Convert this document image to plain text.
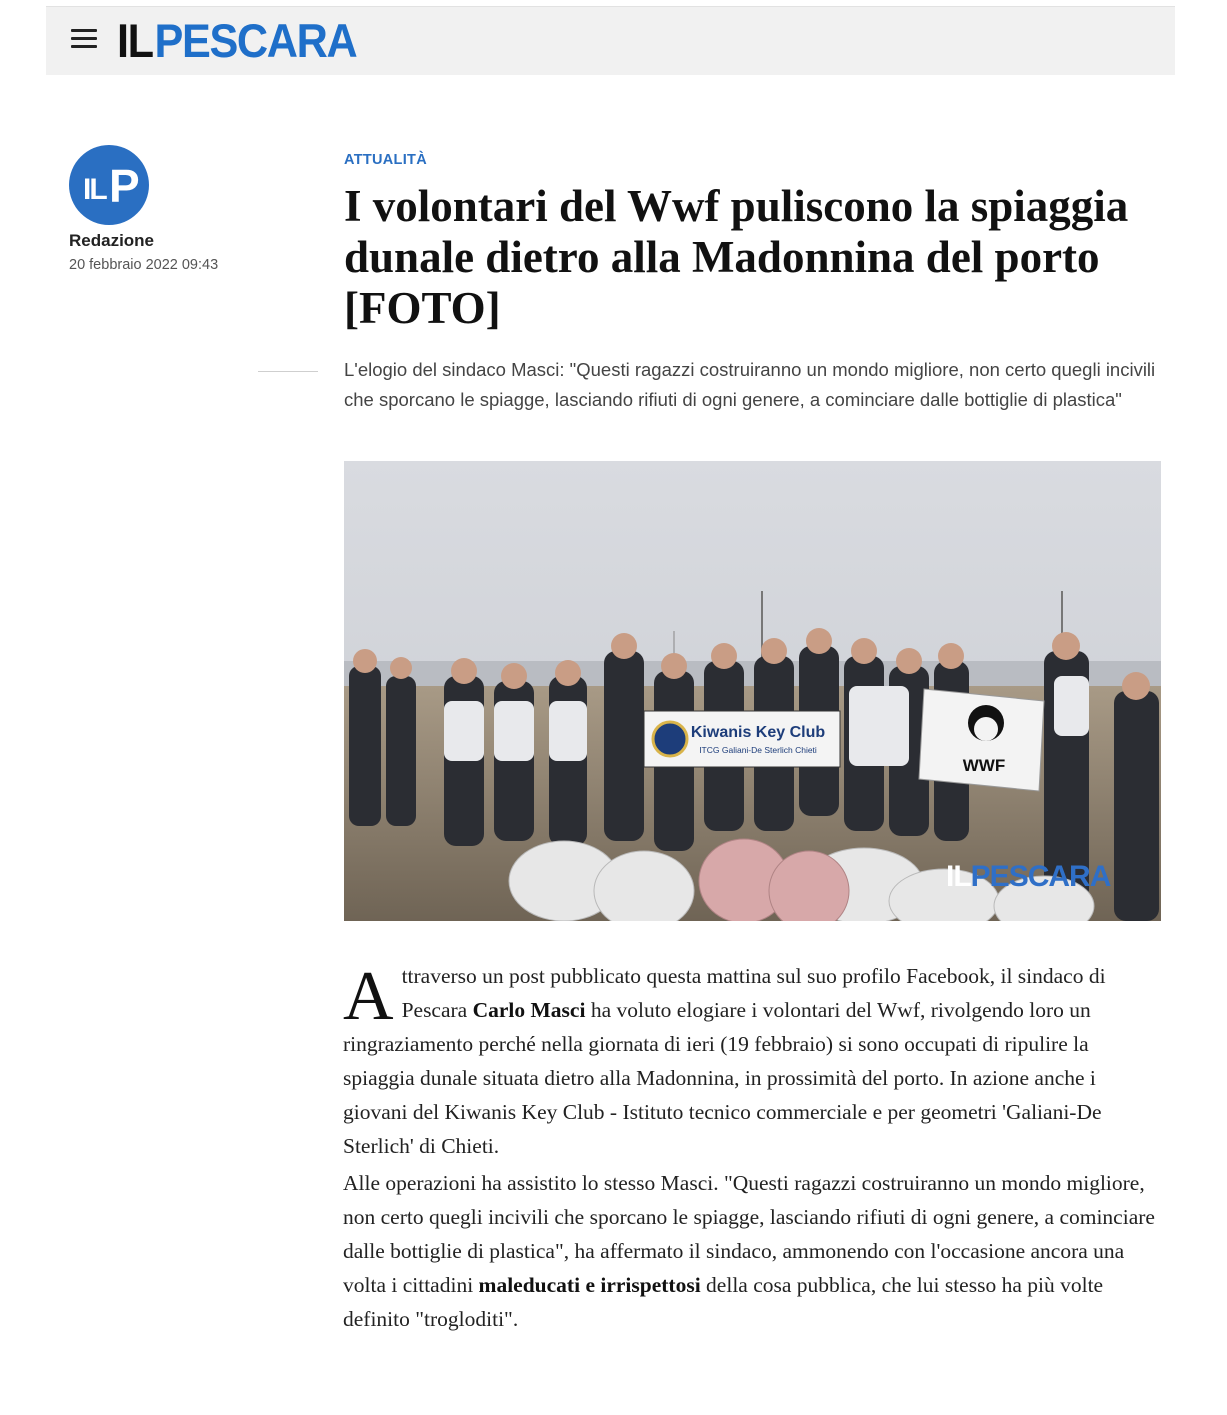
ILPESCARA
IL P
Redazione
20 febbraio 2022 09:43
ATTUALITÀ
I volontari del Wwf puliscono la spiaggia dunale dietro alla Madonnina del porto [FOTO]

L'elogio del sindaco Masci: "Questi ragazzi costruiranno un mondo migliore, non certo quegli incivili che sporcano le spiagge, lasciando rifiuti di ogni genere, a cominciare dalle bottiglie di plastica"

Kiwanis Key Club
ITCG Galiani-De Sterlich Chieti
WWF
ILPESCARA

Attraverso un post pubblicato questa mattina sul suo profilo Facebook, il sindaco di Pescara Carlo Masci ha voluto elogiare i volontari del Wwf, rivolgendo loro un ringraziamento perché nella giornata di ieri (19 febbraio) si sono occupati di ripulire la spiaggia dunale situata dietro alla Madonnina, in prossimità del porto. In azione anche i giovani del Kiwanis Key Club - Istituto tecnico commerciale e per geometri 'Galiani-De Sterlich' di Chieti.

Alle operazioni ha assistito lo stesso Masci. "Questi ragazzi costruiranno un mondo migliore, non certo quegli incivili che sporcano le spiagge, lasciando rifiuti di ogni genere, a cominciare dalle bottiglie di plastica", ha affermato il sindaco, ammonendo con l'occasione ancora una volta i cittadini maleducati e irrispettosi della cosa pubblica, che lui stesso ha più volte definito "trogloditi".
